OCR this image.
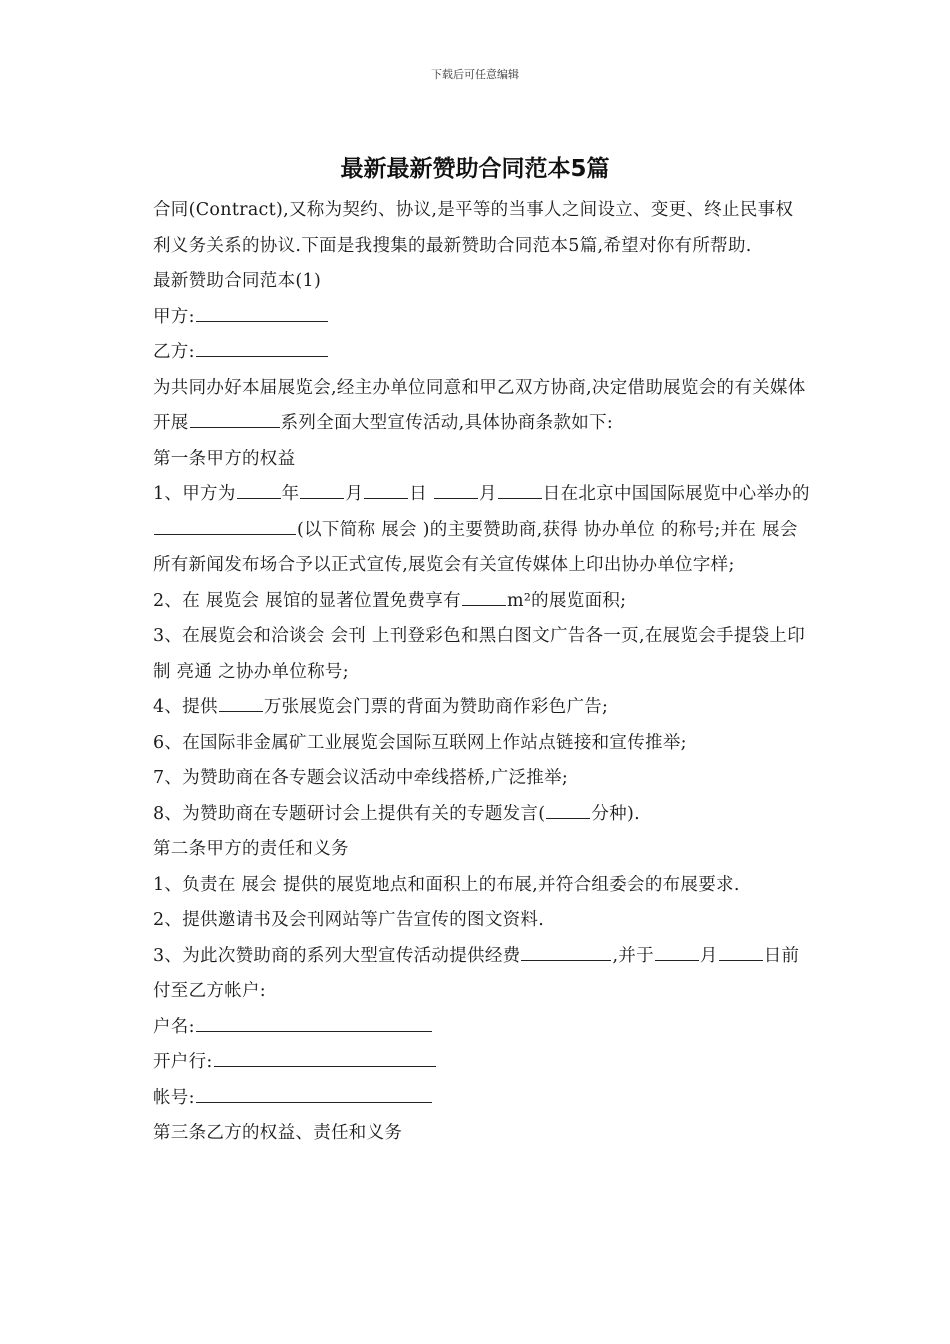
下载后可任意编辑
最新最新赞助合同范本5篇

合同(Contract),又称为契约、协议,是平等的当事人之间设立、变更、终止民事权利义务关系的协议.下面是我搜集的最新赞助合同范本5篇,希望对你有所帮助.

最新赞助合同范本(1)

甲方:

乙方:

为共同办好本届展览会,经主办单位同意和甲乙双方协商,决定借助展览会的有关媒体开展	系列全面大型宣传活动,具体协商条款如下:

第一条甲方的权益

1、甲方为	年	月	日	月	日在北京中国国际展览中心举办的(以下简称 展会 )的主要赞助商,获得 协办单位 的称号;并在 展会 所有新闻发布场合予以正式宣传,展览会有关宣传媒体上印出协办单位字样;

2、在 展览会 展馆的显著位置免费享有	m²的展览面积;

3、在展览会和洽谈会 会刊 上刊登彩色和黑白图文广告各一页,在展览会手提袋上印制 亮通 之协办单位称号;

4、提供	万张展览会门票的背面为赞助商作彩色广告;

6、在国际非金属矿工业展览会国际互联网上作站点链接和宣传推举;

7、为赞助商在各专题会议活动中牵线搭桥,广泛推举;

8、为赞助商在专题研讨会上提供有关的专题发言(	分种).

第二条甲方的责任和义务

1、负责在 展会 提供的展览地点和面积上的布展,并符合组委会的布展要求.

2、提供邀请书及会刊网站等广告宣传的图文资料.

3、为此次赞助商的系列大型宣传活动提供经费	,并于	月	日前付至乙方帐户:

户名:

开户行:

帐号:

第三条乙方的权益、责任和义务
